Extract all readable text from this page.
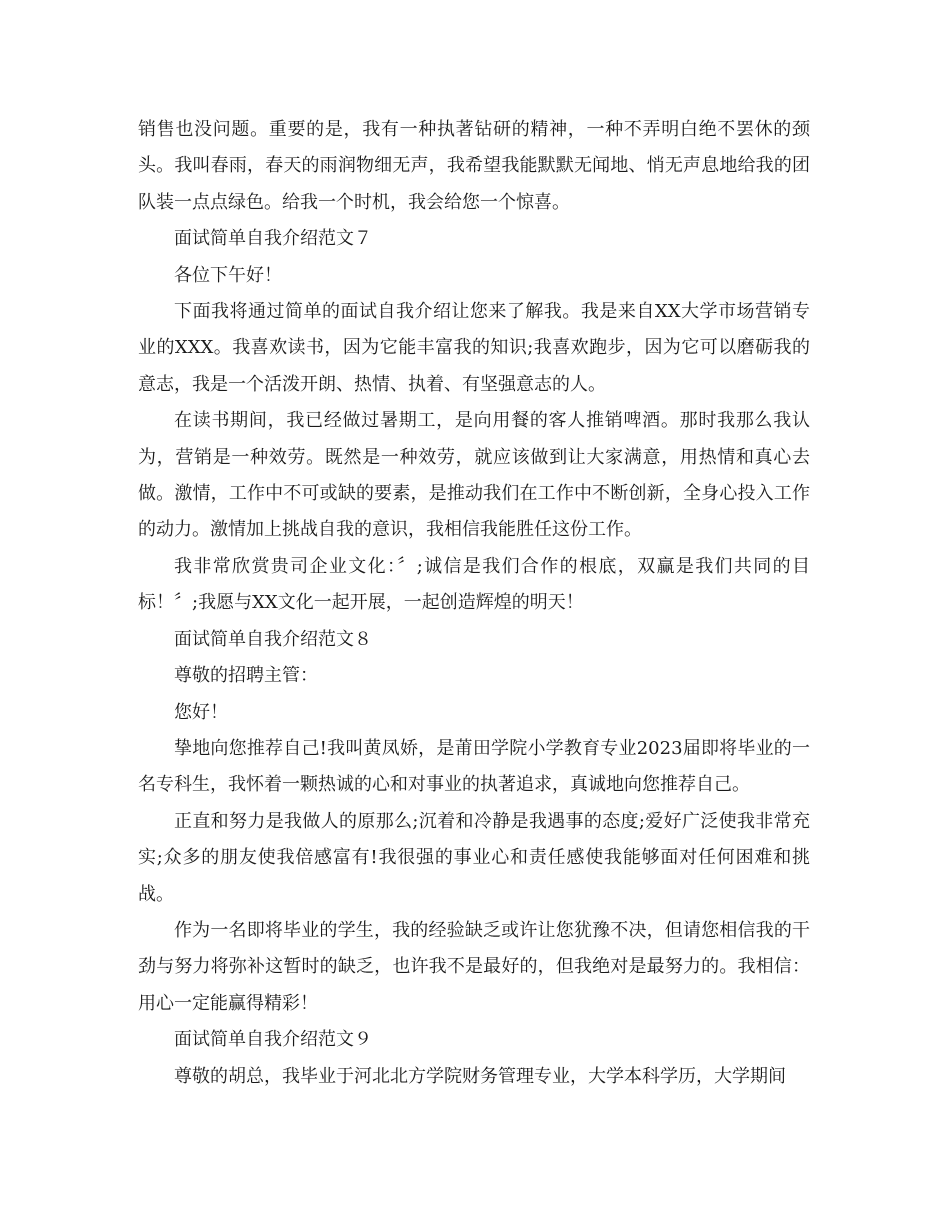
销售也没问题。重要的是，我有一种执著钻研的精神，一种不弄明白绝不罢休的颈头。我叫春雨，春天的雨润物细无声，我希望我能默默无闻地、悄无声息地给我的团队装一点点绿色。给我一个时机，我会给您一个惊喜。

面试简单自我介绍范文７

各位下午好！

下面我将通过简单的面试自我介绍让您来了解我。我是来自XX大学市场营销专业的XXX。我喜欢读书，因为它能丰富我的知识;我喜欢跑步，因为它可以磨砺我的意志，我是一个活泼开朗、热情、执着、有坚强意志的人。

在读书期间，我已经做过暑期工，是向用餐的客人推销啤酒。那时我那么我认为，营销是一种效劳。既然是一种效劳，就应该做到让大家满意，用热情和真心去做。激情，工作中不可或缺的要素，是推动我们在工作中不断创新，全身心投入工作的动力。激情加上挑战自我的意识，我相信我能胜任这份工作。

我非常欣赏贵司企业文化：〞;诚信是我们合作的根底，双赢是我们共同的目标！〞;我愿与XX文化一起开展，一起创造辉煌的明天！

面试简单自我介绍范文８

尊敬的招聘主管：

您好！

挚地向您推荐自己!我叫黄凤娇，是莆田学院小学教育专业2023届即将毕业的一名专科生，我怀着一颗热诚的心和对事业的执著追求，真诚地向您推荐自己。

正直和努力是我做人的原那么;沉着和冷静是我遇事的态度;爱好广泛使我非常充实;众多的朋友使我倍感富有!我很强的事业心和责任感使我能够面对任何困难和挑战。

作为一名即将毕业的学生，我的经验缺乏或许让您犹豫不决，但请您相信我的干劲与努力将弥补这暂时的缺乏，也许我不是最好的，但我绝对是最努力的。我相信：用心一定能赢得精彩！

面试简单自我介绍范文９

尊敬的胡总，我毕业于河北北方学院财务管理专业，大学本科学历，大学期间
